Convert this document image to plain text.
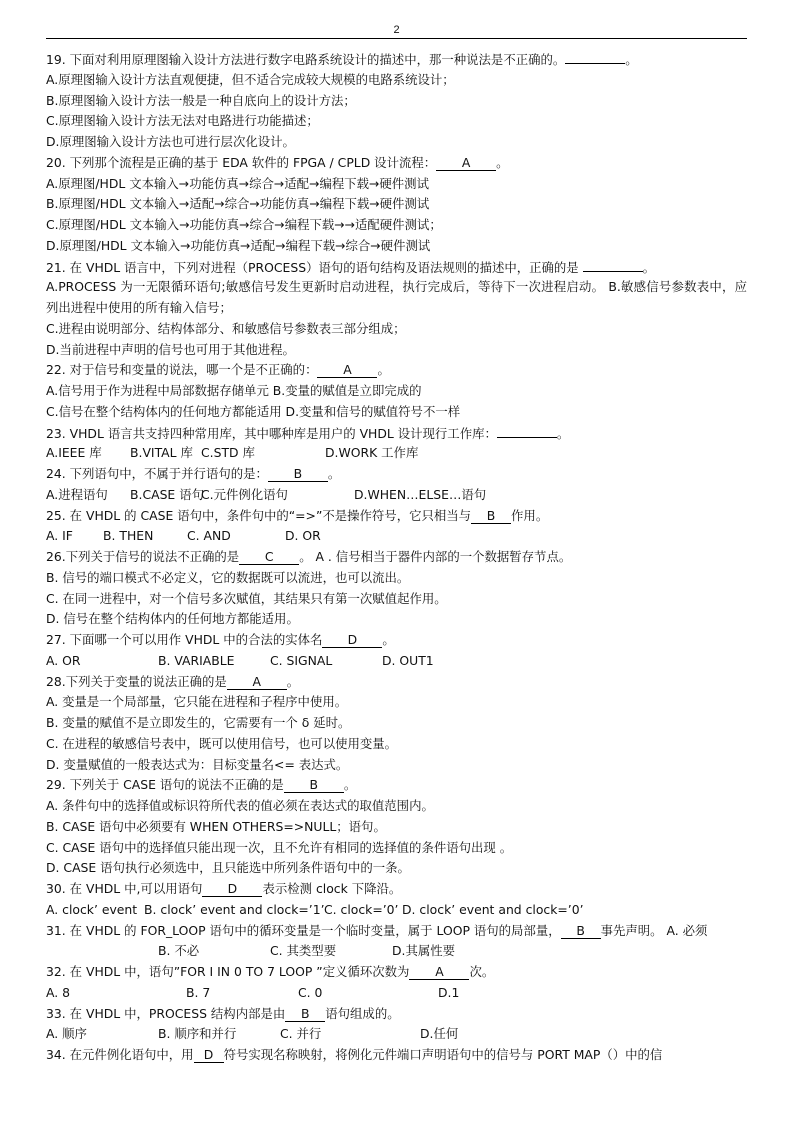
2
19. 下面对利用原理图输入设计方法进行数字电路系统设计的描述中，那一种说法是不正确的。	。
A.原理图输入设计方法直观便捷，但不适合完成较大规模的电路系统设计；
B.原理图输入设计方法一般是一种自底向上的设计方法；
C.原理图输入设计方法无法对电路进行功能描述；
D.原理图输入设计方法也可进行层次化设计。
20. 下列那个流程是正确的基于 EDA 软件的 FPGA / CPLD 设计流程： A 。
A.原理图/HDL 文本输入→功能仿真→综合→适配→编程下载→硬件测试
B.原理图/HDL 文本输入→适配→综合→功能仿真→编程下载→硬件测试
C.原理图/HDL 文本输入→功能仿真→综合→编程下载→→适配硬件测试；
D.原理图/HDL 文本输入→功能仿真→适配→编程下载→综合→硬件测试
21. 在 VHDL 语言中，下列对进程（PROCESS）语句的语句结构及语法规则的描述中，正确的是	。
A.PROCESS 为一无限循环语句;敏感信号发生更新时启动进程，执行完成后，等待下一次进程启动。 B.敏感信号参数表中，应列出进程中使用的所有输入信号；
C.进程由说明部分、结构体部分、和敏感信号参数表三部分组成；
D.当前进程中声明的信号也可用于其他进程。
22. 对于信号和变量的说法，哪一个是不正确的： A 。
A.信号用于作为进程中局部数据存储单元 B.变量的赋值是立即完成的
C.信号在整个结构体内的任何地方都能适用 D.变量和信号的赋值符号不一样
23. VHDL 语言共支持四种常用库，其中哪种库是用户的 VHDL 设计现行工作库：	。
A.IEEE 库 B.VITAL 库 C.STD 库	D.WORK 工作库
24. 下列语句中，不属于并行语句的是： B 。
A.进程语句 B.CASE 语句C.元件例化语句	D.WHEN…ELSE…语句
25. 在 VHDL 的 CASE 语句中，条件句中的“=>”不是操作符号，它只相当与 B 作用。
A. IF B. THEN	C. AND	D. OR
26.下列关于信号的说法不正确的是 C 。 A . 信号相当于器件内部的一个数据暂存节点。
B. 信号的端口模式不必定义，它的数据既可以流进，也可以流出。
C. 在同一进程中，对一个信号多次赋值，其结果只有第一次赋值起作用。
D. 信号在整个结构体内的任何地方都能适用。
27. 下面哪一个可以用作 VHDL 中的合法的实体名 D 。
A. OR	B. VARIABLE	C. SIGNAL	D. OUT1
28.下列关于变量的说法正确的是 A 。
A. 变量是一个局部量，它只能在进程和子程序中使用。
B. 变量的赋值不是立即发生的，它需要有一个 δ 延时。
C. 在进程的敏感信号表中，既可以使用信号，也可以使用变量。
D. 变量赋值的一般表达式为：目标变量名<= 表达式。
29. 下列关于 CASE 语句的说法不正确的是 B 。
A. 条件句中的选择值或标识符所代表的值必须在表达式的取值范围内。
B. CASE 语句中必须要有 WHEN OTHERS=>NULL；语句。
C. CASE 语句中的选择值只能出现一次，且不允许有相同的选择值的条件语句出现 。
D. CASE 语句执行必须选中，且只能选中所列条件语句中的一条。
30. 在 VHDL 中,可以用语句 D 表示检测 clock 下降沿。
A. clock’ event B. clock’ event and clock=’1’C. clock=’0’ D. clock’ event and clock=’0’
31. 在 VHDL 的 FOR_LOOP 语句中的循环变量是一个临时变量，属于 LOOP 语句的局部量， B 事先声明。 A. 必须
B. 不必	C. 其类型要	D.其属性要
32. 在 VHDL 中，语句”FOR I IN 0 TO 7 LOOP ”定义循环次数为 A 次。
A. 8	B. 7	C. 0	D.1
33. 在 VHDL 中，PROCESS 结构内部是由 B 语句组成的。
A. 顺序	B. 顺序和并行	C. 并行	D.任何
34. 在元件例化语句中，用 D 符号实现名称映射，将例化元件端口声明语句中的信号与 PORT MAP（）中的信
